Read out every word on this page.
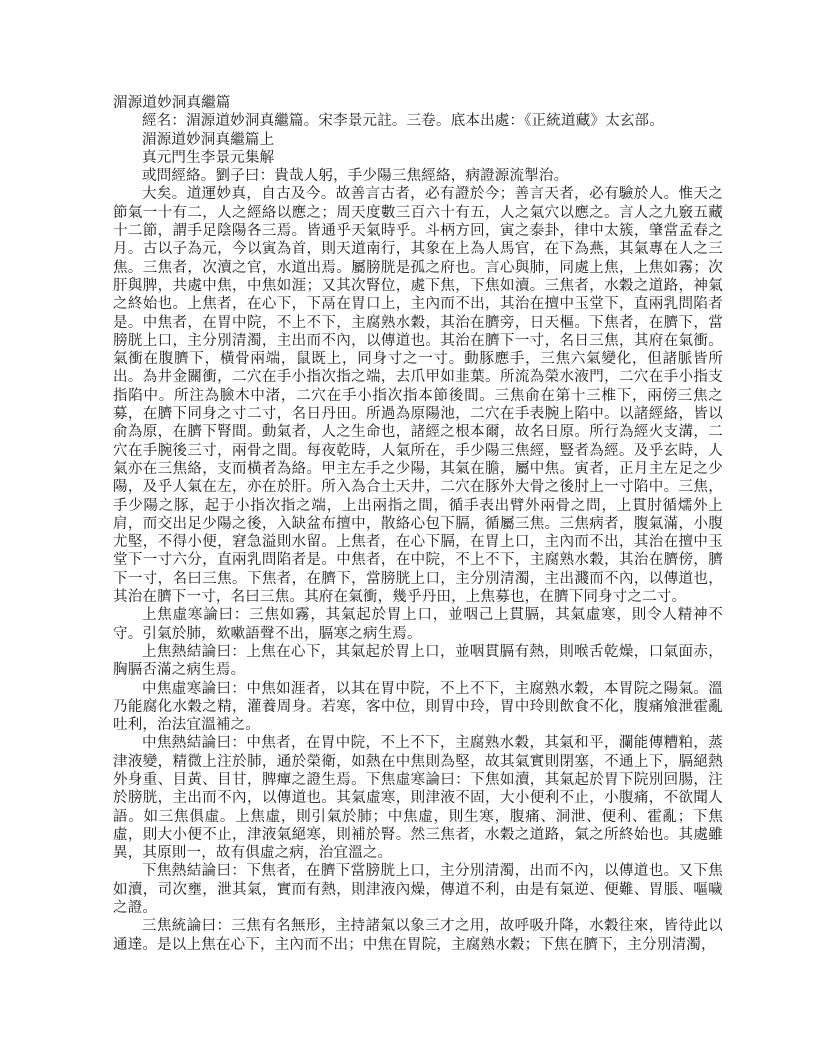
湄源道妙洞真繼篇

經名：湄源道妙洞真繼篇。宋李景元註。三卷。底本出處：《正統道藏》太玄部。

湄源道妙洞真繼篇上

真元門生李景元集解

或問經絡。劉子曰：貴哉人躬，手少陽三焦經絡，病證源流掣治。

大矣。道運妙真，自古及今。故善言古者，必有證於今；善言天者，必有驗於人。惟天之節氣一十有二，人之經絡以應之；周天度數三百六十有五，人之氣穴以應之。言人之九竅五藏十二節，謂手足陰陽各三焉。皆通乎天氣時乎。斗柄方回，寅之泰卦，律中太簇，肇當孟春之月。古以子為元，今以寅為首，則天道南行，其象在上為人馬官，在下為燕，其氣專在人之三焦。三焦者，次瀆之官，水道出焉。屬膀胱是孤之府也。言心與肺，同處上焦，上焦如霧；次肝與脾，共處中焦，中焦如涯；又其次腎位，處下焦，下焦如瀆。三焦者，水穀之道路，神氣之終始也。上焦者，在心下，下鬲在胃口上，主內而不出，其治在擅中玉堂下，直兩乳問陷者是。中焦者，在胃中院，不上不下，主腐熟水穀，其治在臍旁，日天樞。下焦者，在臍下，當膀胱上口，主分別清濁，主出而不內，以傳道也。其治在臍下一寸，名日三焦，其府在氣衝。氣衝在腹臍下，橫骨兩端，鼠既上，同身寸之一寸。動豚應手，三焦六氣變化，但諸脈皆所出。為井金關衝，二穴在手小指次指之端，去爪甲如韭葉。所流為榮水液門，二穴在手小指支指陷中。所注為臉木中渚，二穴在手小指次指本節後間。三焦俞在第十三椎下，兩傍三焦之募，在臍下同身之寸二寸，名日丹田。所過為原陽池，二穴在手表腕上陷中。以諸經絡，皆以俞為原，在臍下腎間。動氣者，人之生命也，諸經之根本爾，故名日原。所行為經火支溝，二穴在手腕後三寸，兩骨之間。每夜乾時，人氣所在，手少陽三焦經，豎者為經。及乎玄時，人氣亦在三焦絡，支而橫者為絡。甲主左手之少陽，其氣在膽，屬中焦。寅者，正月主左足之少陽，及乎人氣在左，亦在於肝。所入為合土天井，二穴在豚外大骨之後肘上一寸陷中。三焦，手少陽之豚，起于小指次指之端，上出兩指之間，循手表出臂外兩骨之問，上貫肘循燸外上肩，而交出足少陽之後，入缺盆布擅中，散絡心包下膈，循屬三焦。三焦病者，腹氣滿，小腹尤堅，不得小便，窘急溢則水留。上焦者，在心下膈，在胃上口，主內而不出，其治在擅中玉堂下一寸六分，直兩乳問陷者是。中焦者，在中院，不上不下，主腐熟水穀，其治在臍傍，臍下一寸，名曰三焦。下焦者，在臍下，當膀胱上口，主分別清濁，主出濺而不內，以傳道也，其治在臍下一寸，名曰三焦。其府在氣衝，幾乎丹田，上焦募也，在臍下同身寸之二寸。

上焦虛寒論曰：三焦如霧，其氣起於胃上口，並咽己上貫膈，其氣虛寒，則令人精神不守。引氣於肺，欬嗽語聲不出，膈寒之病生焉。

上焦熱結論曰：上焦在心下，其氣起於胃上口，並咽貫膈有熱，則喉舌乾燥，口氣面赤，胸膈否滿之病生焉。

中焦虛寒論曰：中焦如涯者，以其在胃中院，不上不下，主腐熟水穀，本胃院之陽氣。溫乃能腐化水穀之精，灌養周身。若寒，客中位，則胃中玲，胃中玲則飲食不化，腹痛飧泄霍亂吐利，治法宜溫補之。

中焦熱結論曰：中焦者，在胃中院，不上不下，主腐熟水穀，其氣和平，瀾能傳糟粕，蒸津液變，精微上注於肺，通於榮衛，如熱在中焦則為堅，故其氣實則閉塞，不通上下，膈絕熱外身重、目黃、目甘，脾癉之證生焉。下焦虛寒論曰：下焦如瀆，其氣起於胃下院別回腸，注於膀胱，主出而不內，以傳道也。其氣虛寒，則津液不固，大小便利不止，小腹痛，不欲聞人語。如三焦俱虛。上焦虛，則引氣於肺；中焦虛，則生寒，腹痛、洞泄、便利、霍亂；下焦虛，則大小便不止，津液氣絕寒，則補於腎。然三焦者，水穀之道路，氣之所終始也。其處雖異，其原則一，故有俱虛之病，治宜溫之。

下焦熱結論曰：下焦者，在臍下當膀胱上口，主分別清濁，出而不內，以傳道也。又下焦如瀆，司次壅，泄其氣，實而有熱，則津液內燥，傳道不利，由是有氣逆、便難、胃脹、嘔噦之證。

三焦統論曰：三焦有名無形，主持諸氣以象三才之用，故呼吸升降，水穀往來，皆待此以通達。是以上焦在心下，主內而不出；中焦在胃院，主腐熟水穀；下焦在臍下，主分別清濁，
